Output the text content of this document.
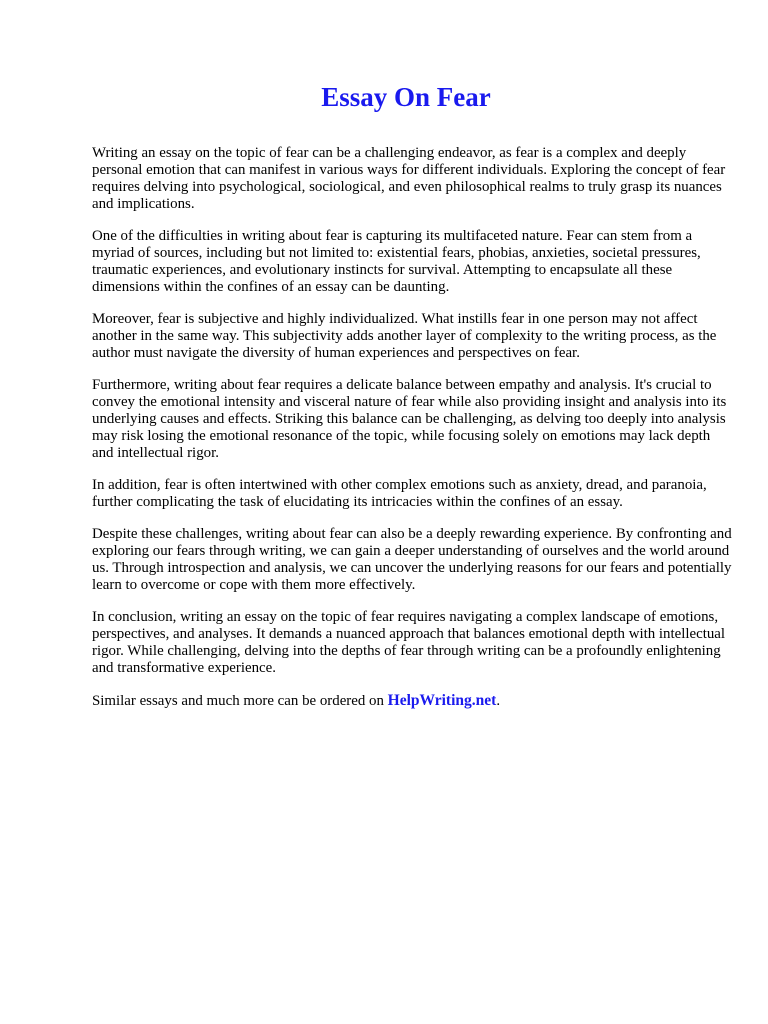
Essay On Fear

Writing an essay on the topic of fear can be a challenging endeavor, as fear is a complex and deeply personal emotion that can manifest in various ways for different individuals. Exploring the concept of fear requires delving into psychological, sociological, and even philosophical realms to truly grasp its nuances and implications.

One of the difficulties in writing about fear is capturing its multifaceted nature. Fear can stem from a myriad of sources, including but not limited to: existential fears, phobias, anxieties, societal pressures, traumatic experiences, and evolutionary instincts for survival. Attempting to encapsulate all these dimensions within the confines of an essay can be daunting.

Moreover, fear is subjective and highly individualized. What instills fear in one person may not affect another in the same way. This subjectivity adds another layer of complexity to the writing process, as the author must navigate the diversity of human experiences and perspectives on fear.

Furthermore, writing about fear requires a delicate balance between empathy and analysis. It's crucial to convey the emotional intensity and visceral nature of fear while also providing insight and analysis into its underlying causes and effects. Striking this balance can be challenging, as delving too deeply into analysis may risk losing the emotional resonance of the topic, while focusing solely on emotions may lack depth and intellectual rigor.

In addition, fear is often intertwined with other complex emotions such as anxiety, dread, and paranoia, further complicating the task of elucidating its intricacies within the confines of an essay.

Despite these challenges, writing about fear can also be a deeply rewarding experience. By confronting and exploring our fears through writing, we can gain a deeper understanding of ourselves and the world around us. Through introspection and analysis, we can uncover the underlying reasons for our fears and potentially learn to overcome or cope with them more effectively.

In conclusion, writing an essay on the topic of fear requires navigating a complex landscape of emotions, perspectives, and analyses. It demands a nuanced approach that balances emotional depth with intellectual rigor. While challenging, delving into the depths of fear through writing can be a profoundly enlightening and transformative experience.

Similar essays and much more can be ordered on HelpWriting.net.
